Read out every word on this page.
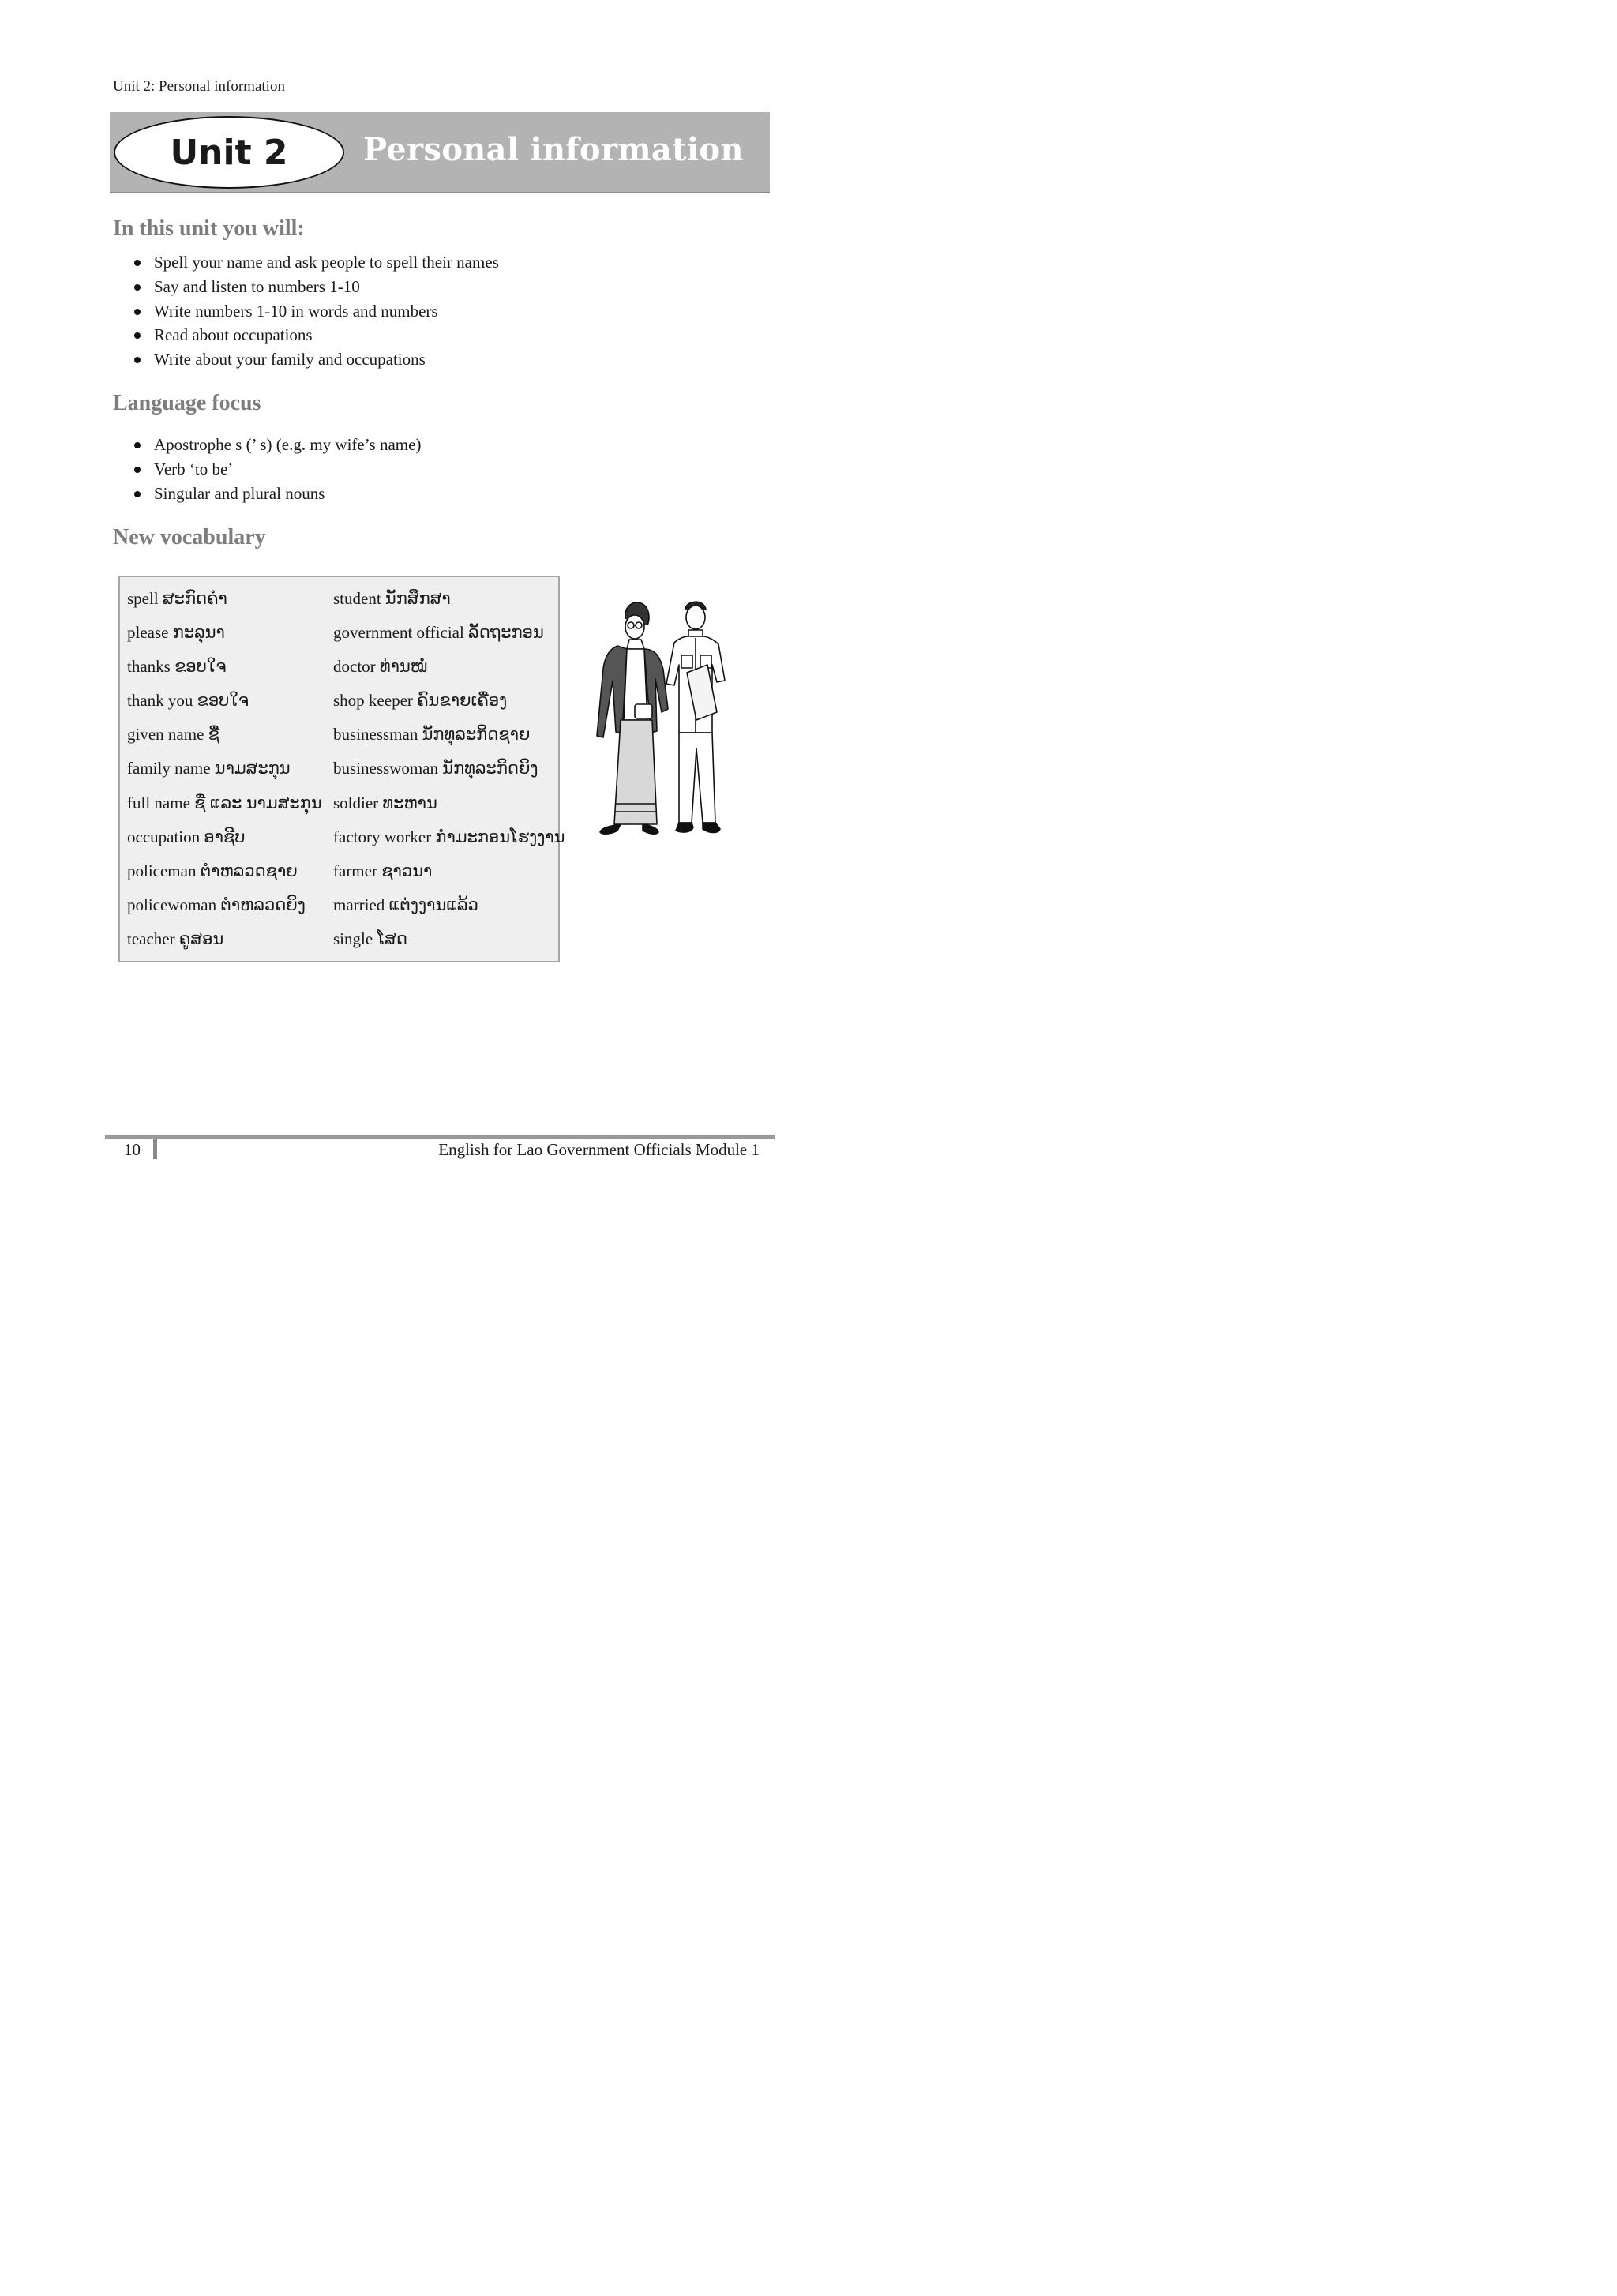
Unit 2: Personal information
Unit 2 Personal information
In this unit you will:
Spell your name and ask people to spell their names
Say and listen to numbers 1-10
Write numbers 1-10 in words and numbers
Read about occupations
Write about your family and occupations
Language focus
Apostrophe s (’ s) (e.g. my wife’s name)
Verb ‘to be’
Singular and plural nouns
New vocabulary
spell ສະກົດຄຳ
please ກະລຸນາ
thanks ຂອບໃຈ
thank you ຂອບໃຈ
given name ຊື່
family name ນາມສະກຸນ
full name ຊື່ ແລະ ນາມສະກຸນ
occupation ອາຊີບ
policeman ຕຳຫລວດຊາຍ
policewoman ຕຳຫລວດຍິງ
teacher ຄູສອນ
student ນັກສຶກສາ
government official ລັດຖະກອນ
doctor ທ່ານໝໍ
shop keeper ຄົນຂາຍເຄື່ອງ
businessman ນັກທຸລະກິດຊາຍ
businesswoman ນັກທຸລະກິດຍິງ
soldier ທະຫານ
factory worker ກຳມະກອນໂຮງງານ
farmer ຊາວນາ
married ແຕ່ງງານແລ້ວ
single ໂສດ
10	English for Lao Government Officials Module 1
